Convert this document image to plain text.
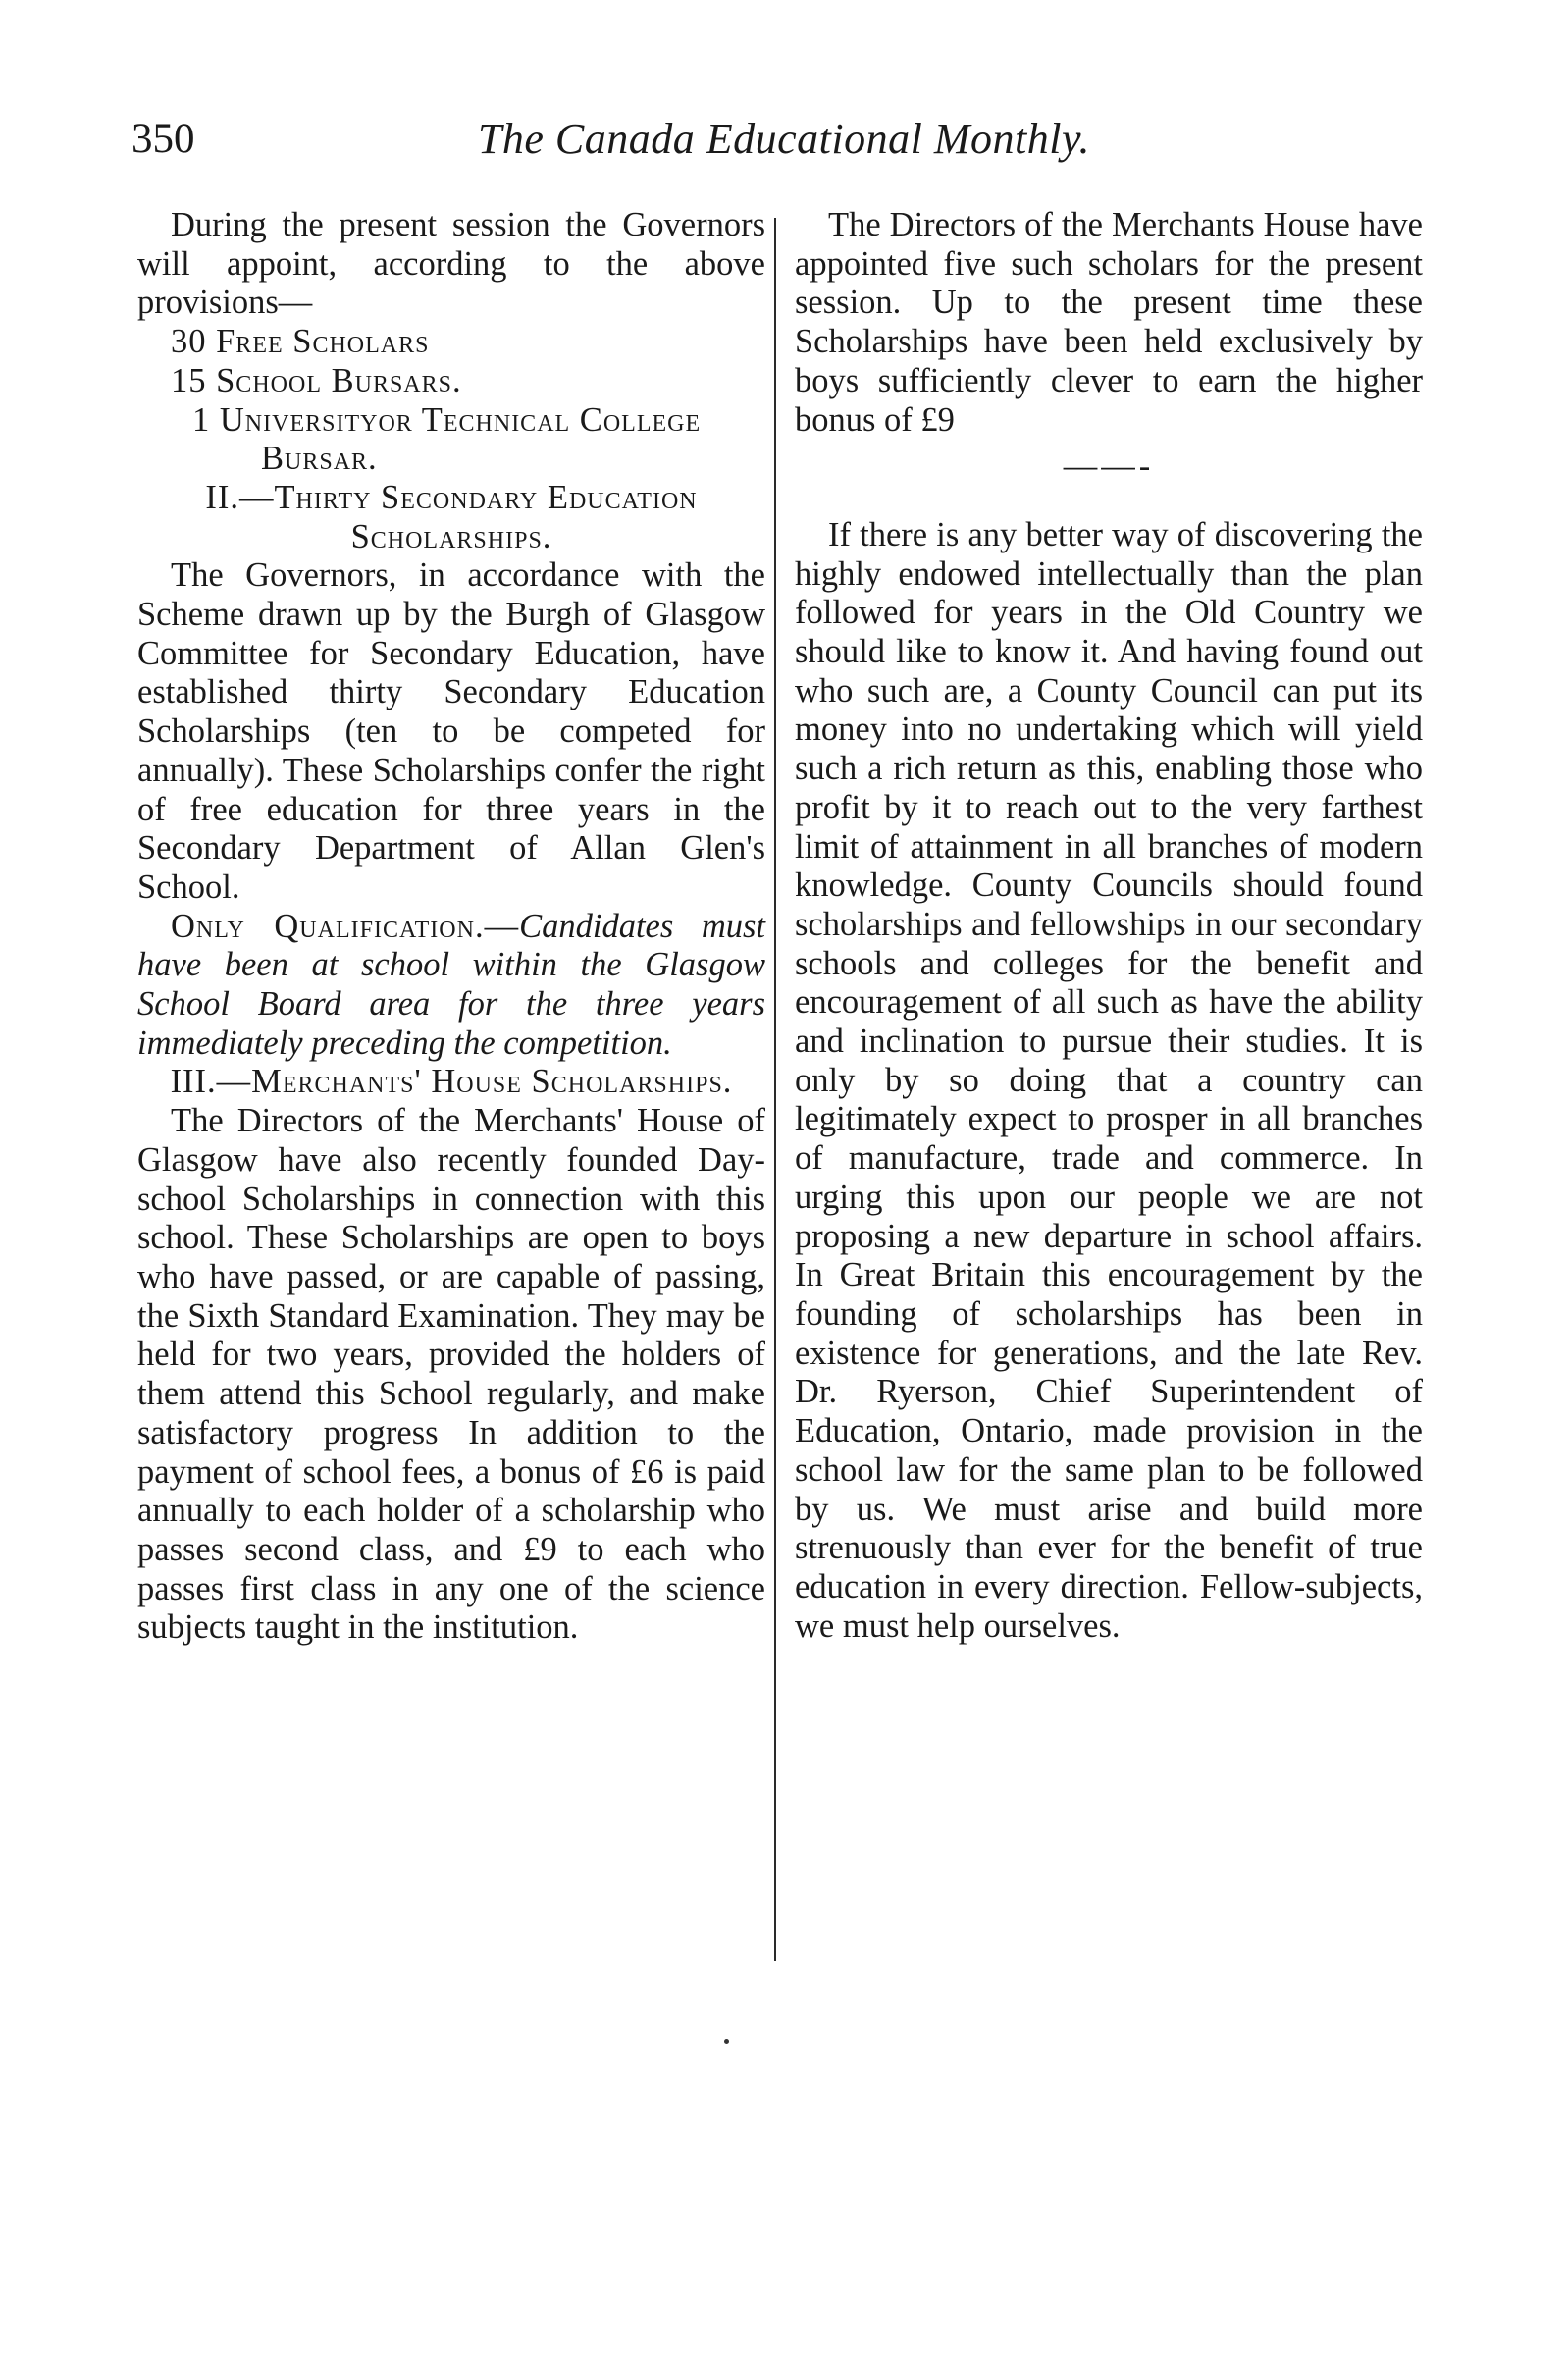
350	The Canada Educational Monthly.

During the present session the Governors will appoint, according to the above provisions—

30 Free Scholars

15 School Bursars.

1 Universityor Technical College Bursar.

II.—Thirty Secondary Education Scholarships.

The Governors, in accordance with the Scheme drawn up by the Burgh of Glasgow Committee for Secondary Education, have established thirty Secondary Education Scholarships (ten to be competed for annually). These Scholarships confer the right of free education for three years in the Secondary Department of Allan Glen's School.

Only Qualification.—Candidates must have been at school within the Glasgow School Board area for the three years immediately preceding the competition.

III.—Merchants' House Scholarships.

The Directors of the Merchants' House of Glasgow have also recently founded Day-school Scholarships in connection with this school. These Scholarships are open to boys who have passed, or are capable of passing, the Sixth Standard Examination. They may be held for two years, provided the holders of them attend this School regularly, and make satisfactory progress In addition to the payment of school fees, a bonus of £6 is paid annually to each holder of a scholarship who passes second class, and £9 to each who passes first class in any one of the science subjects taught in the institution.

The Directors of the Merchants House have appointed five such scholars for the present session. Up to the present time these Scholarships have been held exclusively by boys sufficiently clever to earn the higher bonus of £9

——-

If there is any better way of discovering the highly endowed intellectually than the plan followed for years in the Old Country we should like to know it. And having found out who such are, a County Council can put its money into no undertaking which will yield such a rich return as this, enabling those who profit by it to reach out to the very farthest limit of attainment in all branches of modern knowledge. County Councils should found scholarships and fellowships in our secondary schools and colleges for the benefit and encouragement of all such as have the ability and inclination to pursue their studies. It is only by so doing that a country can legitimately expect to prosper in all branches of manufacture, trade and commerce. In urging this upon our people we are not proposing a new departure in school affairs. In Great Britain this encouragement by the founding of scholarships has been in existence for generations, and the late Rev. Dr. Ryerson, Chief Superintendent of Education, Ontario, made provision in the school law for the same plan to be followed by us. We must arise and build more strenuously than ever for the benefit of true education in every direction. Fellow-subjects, we must help ourselves.
